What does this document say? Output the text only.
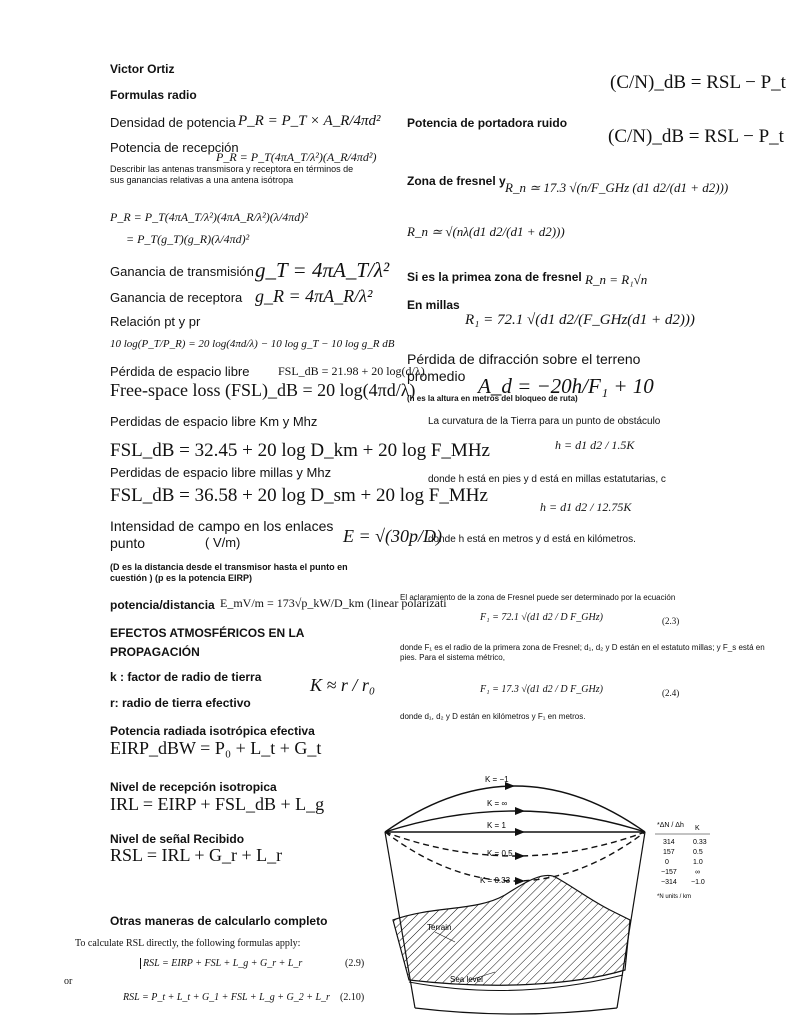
Victor Ortiz
Formulas radio
Densidad de potencia P_R = P_T × A_R/4πd²
Potencia de recepción
P_R = P_T(4πA_T/λ²)(A_R/4πd²)
Describir las antenas transmisora y receptora en términos de sus ganancias relativas a una antena isótropa
P_R = P_T(4πA_T/λ²)(4πA_R/λ²)(λ/4πd)²
= P_T(g_T)(g_R)(λ/4πd)²
Ganancia de transmisión g_T = 4πA_T/λ²
Ganancia de receptora g_R = 4πA_R/λ²
Relación pt y pr
10 log(P_T/P_R) = 20 log(4πd/λ) − 10 log g_T − 10 log g_R dB
Pérdida de espacio libre FSL_dB = 21.98 + 20 log(d/λ)
Free-space loss (FSL)_dB = 20 log(4πd/λ)
Perdidas de espacio libre Km y Mhz
FSL_dB = 32.45 + 20 log D_km + 20 log F_MHz
Perdidas de espacio libre millas y Mhz
FSL_dB = 36.58 + 20 log D_sm + 20 log F_MHz
Intensidad de campo en los enlaces punto	( V/m)	E = √(30p/D)
(D es la distancia desde el transmisor hasta el punto en cuestión ) (p es la potencia EIRP)
potencia/distancia E_mV/m = 173√p_kW/D_km (linear polarizati
EFECTOS ATMOSFÉRICOS EN LA PROPAGACIÓN
k : factor de radio de tierra
r: radio de tierra efectivo
K ≈ r / r₀
Potencia radiada isotrópica efectiva
EIRP_dBW = P₀ + L_t + G_t
Nivel de recepción isotropica
IRL = EIRP + FSL_dB + L_g
Nivel de señal Recibido
RSL = IRL + G_r + L_r
Otras maneras de calcularlo completo
To calculate RSL directly, the following formulas apply:
RSL = EIRP + FSL + L_g + G_r + L_r	(2.9)
or
RSL = P_t + L_t + G_1 + FSL + L_g + G_2 + L_r (2.10)
(C/N)_dB = RSL − P_t
Potencia de portadora ruido
(C/N)_dB = RSL − P_t
Zona de fresnel y R_n ≃ 17.3 √(n/F_GHz (d1 d2/(d1 + d2)))
R_n ≃ √(nλ(d1 d2/(d1 + d2)))
Si es la primea zona de fresnel R_n = R₁√n
En millas
R₁ = 72.1 √(d1 d2/(F_GHz(d1 + d2)))
Pérdida de difracción sobre el terreno promedio A_d = −20h/F₁ + 10
(h es la altura en metros del bloqueo de ruta)
La curvatura de la Tierra para un punto de obstáculo
h = d1 d2 / 1.5K
donde h está en pies y d está en millas estatutarias, c
h = d1 d2 / 12.75K
donde h está en metros y d está en kilómetros.
El aclaramiento de la zona de Fresnel puede ser determinado por la ecuación
F₁ = 72.1 √(d1 d2 / D F_GHz)	(2.3)
donde F₁ es el radio de la primera zona de Fresnel; d₁, d₂ y D están en el estatuto millas; y F_s está en pies. Para el sistema métrico,
F₁ = 17.3 √(d1 d2 / D F_GHz)	(2.4)
donde d₁, d₂ y D están en kilómetros y F₁ en metros.
K = −1
K = ∞
K = 1
K = 0.5
K = 0.33
Terrain
Sea level
*ΔN / Δh K
314	0.33
157	0.5
0	1.0
−157	∞
−314 −1.0
*N units / km
